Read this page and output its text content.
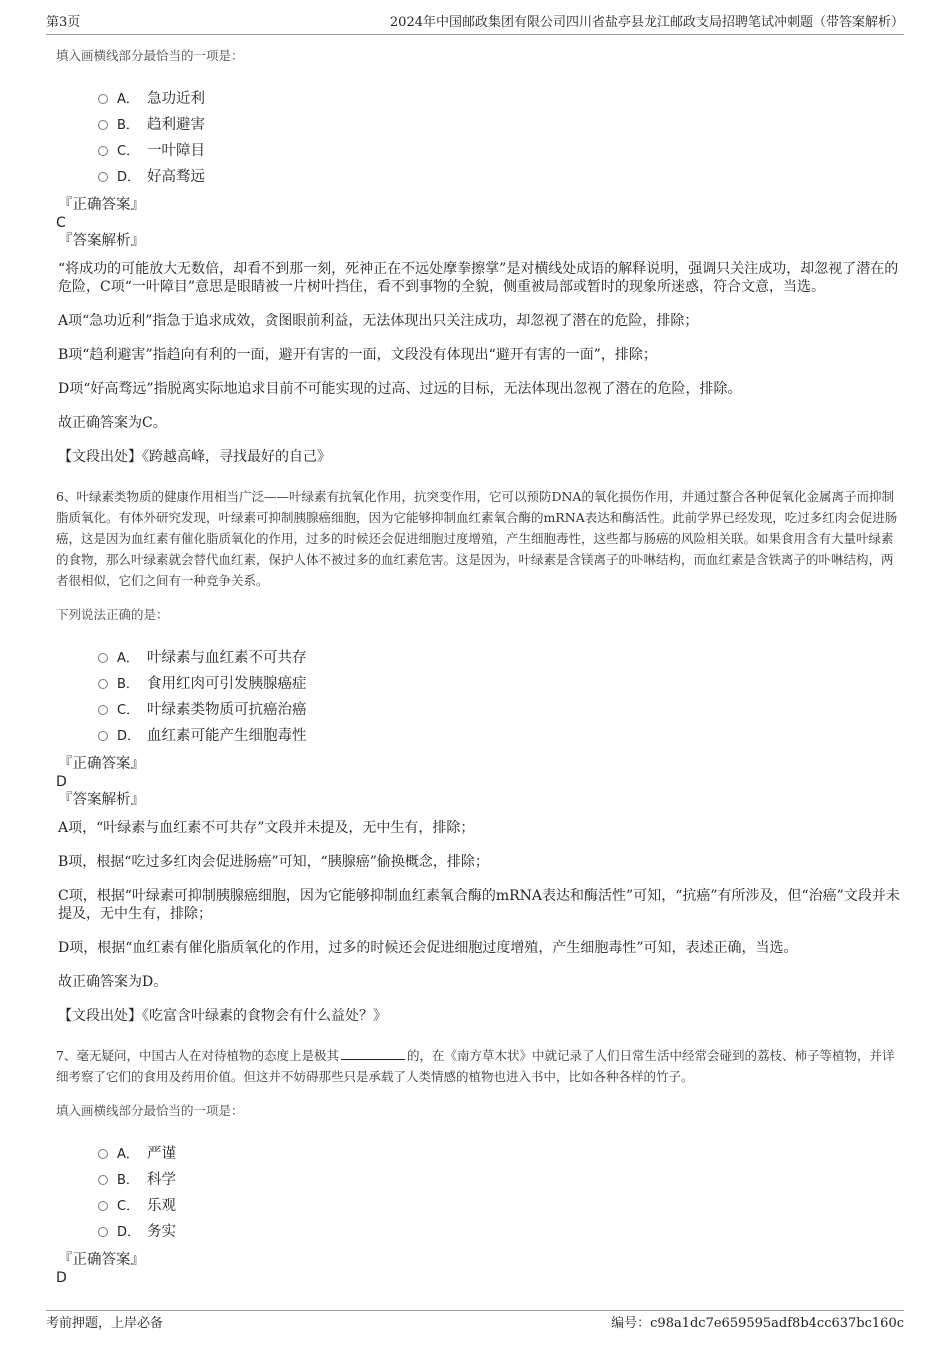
第3页	2024年中国邮政集团有限公司四川省盐亭县龙江邮政支局招聘笔试冲刺题（带答案解析）
填入画横线部分最恰当的一项是：
A． 急功近利
B． 趋利避害
C． 一叶障目
D． 好高骛远
『正确答案』
C
『答案解析』

“将成功的可能放大无数倍，却看不到那一刻，死神正在不远处摩拳擦掌”是对横线处成语的解释说明，强调只关注成功，却忽视了潜在的危险，C项“一叶障目”意思是眼睛被一片树叶挡住，看不到事物的全貌，侧重被局部或暂时的现象所迷惑，符合文意，当选。

A项“急功近利”指急于追求成效，贪图眼前利益，无法体现出只关注成功，却忽视了潜在的危险，排除；

B项“趋利避害”指趋向有利的一面，避开有害的一面，文段没有体现出“避开有害的一面”，排除；

D项“好高骛远”指脱离实际地追求目前不可能实现的过高、过远的目标，无法体现出忽视了潜在的危险，排除。

故正确答案为C。

【文段出处】《跨越高峰，寻找最好的自己》

6、叶绿素类物质的健康作用相当广泛——叶绿素有抗氧化作用，抗突变作用，它可以预防DNA的氧化损伤作用，并通过螯合各种促氧化金属离子而抑制脂质氧化。有体外研究发现，叶绿素可抑制胰腺癌细胞，因为它能够抑制血红素氧合酶的mRNA表达和酶活性。此前学界已经发现，吃过多红肉会促进肠癌，这是因为血红素有催化脂质氧化的作用，过多的时候还会促进细胞过度增殖，产生细胞毒性，这些都与肠癌的风险相关联。如果食用含有大量叶绿素的食物，那么叶绿素就会替代血红素，保护人体不被过多的血红素危害。这是因为，叶绿素是含镁离子的卟啉结构，而血红素是含铁离子的卟啉结构，两者很相似，它们之间有一种竞争关系。

下列说法正确的是：
A． 叶绿素与血红素不可共存
B． 食用红肉可引发胰腺癌症
C． 叶绿素类物质可抗癌治癌
D． 血红素可能产生细胞毒性
『正确答案』
D
『答案解析』

A项，“叶绿素与血红素不可共存”文段并未提及，无中生有，排除；

B项，根据“吃过多红肉会促进肠癌”可知，“胰腺癌”偷换概念，排除；

C项，根据“叶绿素可抑制胰腺癌细胞，因为它能够抑制血红素氧合酶的mRNA表达和酶活性”可知，“抗癌”有所涉及，但“治癌”文段并未提及，无中生有，排除；

D项，根据“血红素有催化脂质氧化的作用，过多的时候还会促进细胞过度增殖，产生细胞毒性”可知，表述正确，当选。

故正确答案为D。

【文段出处】《吃富含叶绿素的食物会有什么益处？》

7、毫无疑问，中国古人在对待植物的态度上是极其	的，在《南方草木状》中就记录了人们日常生活中经常会碰到的荔枝、柿子等植物，并详细考察了它们的食用及药用价值。但这并不妨碍那些只是承载了人类情感的植物也进入书中，比如各种各样的竹子。

填入画横线部分最恰当的一项是：
A． 严谨
B． 科学
C． 乐观
D． 务实
『正确答案』
D
考前押题，上岸必备	编号：c98a1dc7e659595adf8b4cc637bc160c
